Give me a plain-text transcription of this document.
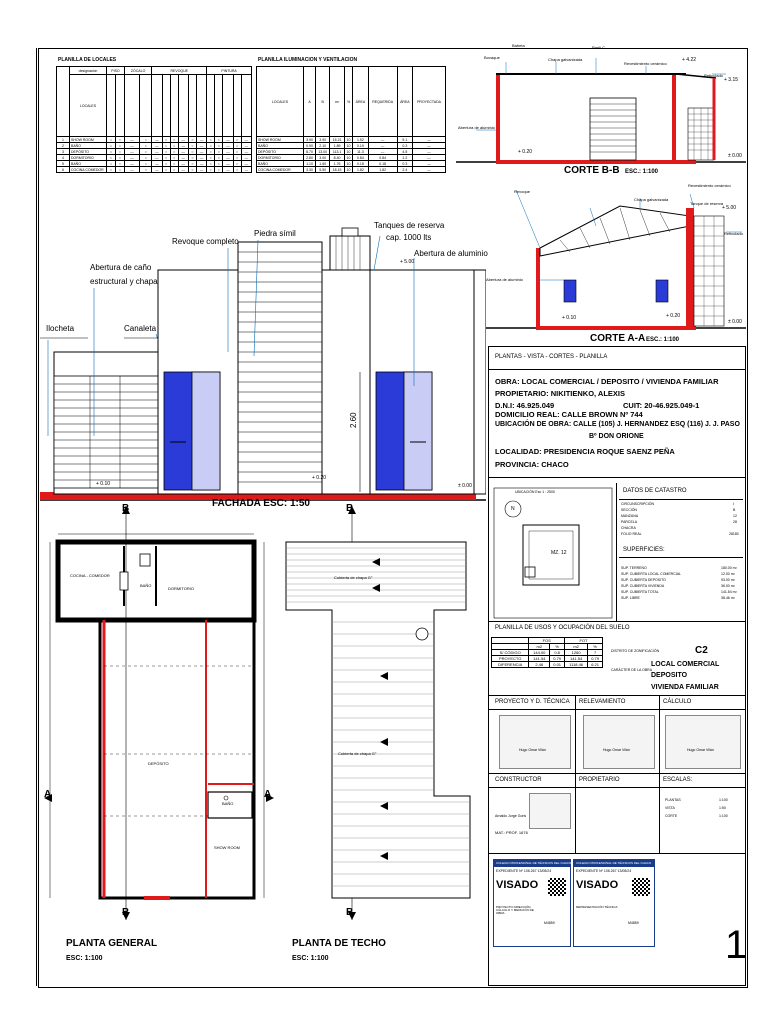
PLANILLA DE LOCALES
	designación	PISO		ZÓCALO		REVOQUE						PINTURA				
	LOCALES															
1	SHOW ROOM	○	○	—	○	—	○	○	—	○	—	○	○	—	○	—
2	BAÑO	○	○	—	○	—	○	○	—	○	—	○	○	—	○	—
3	DEPÓSITO	○	○	—	○	—	○	○	—	○	—	○	○	—	○	—
4	DORMITORIO	○	○	—	○	—	○	○	—	○	—	○	○	—	○	—
5	BAÑO	○	○	—	○	—	○	○	—	○	—	○	○	—	○	—
6	COCINA COMEDOR	○	○	—	○	—	○	○	—	○	—	○	○	—	○	—
PLANILLA ILUMINACION Y VENTILACION
LOCALES	A	B	m²	%	ÁREA	REQUERIDA	ÁREA	PROYECTADA
SHOW ROOM	3.90	3.90	15.21	10	1.52	—	5.1	—
BAÑO	0.90	2.10	1.89	10	0.19	—	0.3	—
DEPÓSITO	8.70	13.00	113.1	10	11.3	—	4.5	—
DORMITORIO	2.80	3.00	8.40	10	0.84	0.84	1.2	—
BAÑO	1.10	1.60	1.76	10	0.18	0.18	0.3	—
COCINA COMEDOR	3.30	5.50	18.15	10	1.82	1.82	2.4	—
Babeta
Bovaque	Chapa galvanizada
Parilí C
Revestimiento cerámico
Abertura de aluminio
Reticulado
+ 4.22
+ 3.15
+ 0.20
± 0.00
CORTE B-B ESC.: 1:100
Revoque
Chapa galvanizada
Tanque de reserva
Revestimiento cerámico
Reticulado
Abertura de aluminio
+ 5.00
+ 0.10	+ 0.20
± 0.00
CORTE A-A ESC.: 1:100
Piedra símil
Revoque completo
Tanques de reserva
cap. 1000 lts
Abertura de aluminio
Abertura de caño
estructural y chapa
Ilocheta	Canaleta
+ 5.00
+ 0.10
+ 0.20
± 0.00
2.60
FACHADA ESC: 1:50
COCINA - COMEDOR
BAÑO
DORMITORIO
DEPÓSITO
BAÑO
SHOW ROOM
PLANTA GENERAL
ESC: 1:100
Cubierta de chapa G°
Cubierta de chapa G°
PLANTA DE TECHO
ESC: 1:100
B	B
B	B
A	A
PLANTAS - VISTA - CORTES - PLANILLA
OBRA: LOCAL COMERCIAL / DEPOSITO / VIVIENDA FAMILIAR
PROPIETARIO: NIKITIENKO, ALEXIS
D.N.I: 46.925.049	CUIT: 20-46.925.049-1
DOMICILIO REAL: CALLE BROWN Nº 744
UBICACIÓN DE OBRA: CALLE (105) J. HERNANDEZ ESQ (116) J. J. PASO
Bº DON ORIONE
LOCALIDAD: PRESIDENCIA ROQUE SAENZ PEÑA
PROVINCIA: CHACO
UBICACIÓN Esc 1 : 2500
MZ. 12
N
DATOS DE CATASTRO
CIRCUNSCRIPCIÓN	I
SECCIÓN	B
MANZANA	12
PARCELA	28
CHACRA
FOLIO REAL	28180
SUPERFICIES:
SUP. TERRENO	180.00 m²
SUP. CUBIERTA LOCAL COMERCIAL	12.00 m²
SUP. CUBIERTA DEPOSITO	93.00 m²
SUP. CUBIERTA VIVIENDA	36.00 m²
SUP. CUBIERTA TOTAL	141.54 m²
SUP. LIBRE	38.46 m²
PLANILLA DE USOS Y OCUPACIÓN DEL SUELO
	FOS		FOT	
	m2	%	m2	%
S/ CÓDIGO	144.00	0.8	1260	7
PROYECTO	141.54	0.79	141.54	0.79
DIFERENCIA	2.46	0.01	1118.46	6.21
DISTRITO DE ZONIFICACIÓN	C2
CARÁCTER DE LA OBRA
LOCAL COMERCIAL
DEPOSITO
VIVIENDA FAMILIAR
PROYECTO Y D. TÉCNICA RELEVAMIENTO	CÁLCULO
Hugo Omar Vilán	Hugo Omar Vilán	Hugo Omar Vilán
CONSTRUCTOR	PROPIETARIO	ESCALAS:
Arnaldo Jorge Goris
MAT.: PROF. 1676
PLANTAS	1:100
VISTA	1:50
CORTE	1:100
COLEGIO PROFESIONAL DE TÉCNICOS DEL CHACO
EXPEDIENTE Nº 106.267 13/08/24
VISADO
PROYECTO DIRECCIÓN, CÁLCULO Y MEDICIÓN DE OBRA
M4859
COLEGIO PROFESIONAL DE TÉCNICOS DEL CHACO
EXPEDIENTE Nº 106.267 13/08/24
VISADO
REPRESENTACIÓN TÉCNICA
M4859 1
